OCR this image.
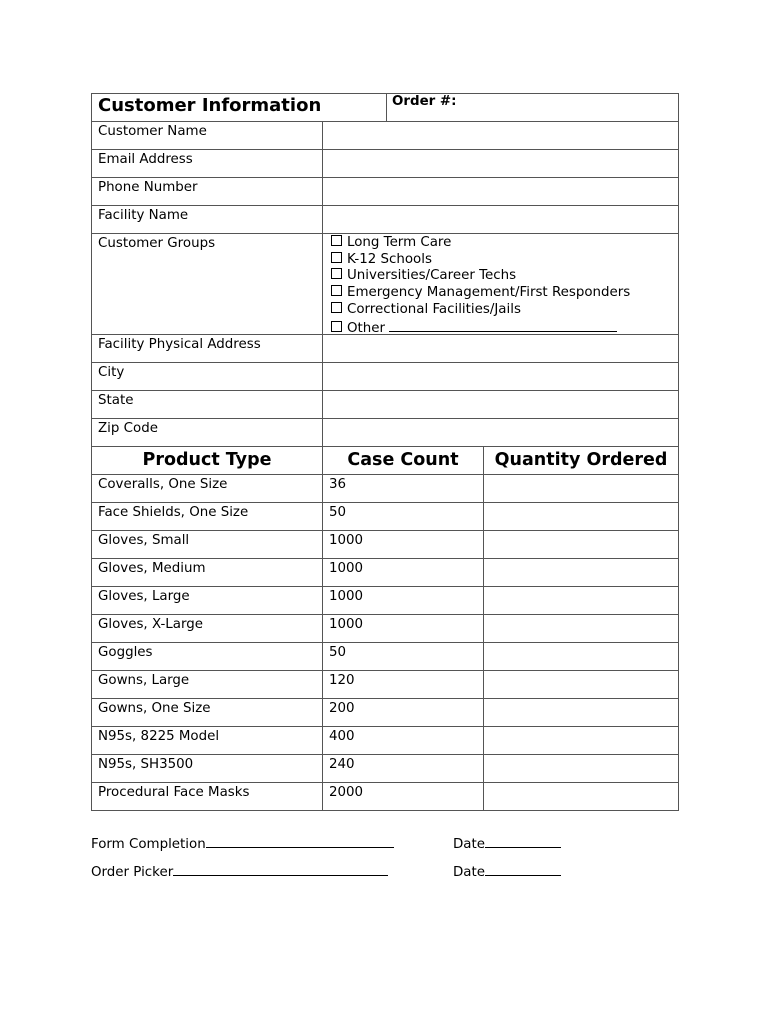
Customer Information	Order #:
Customer Name
Email Address
Phone Number
Facility Name
Customer Groups	Long Term Care
K-12 Schools
Universities/Career Techs
Emergency Management/First Responders
Correctional Facilities/Jails
Other
Facility Physical Address
City
State
Zip Code
Product Type	Case Count	Quantity Ordered
Coveralls, One Size	36
Face Shields, One Size	50
Gloves, Small	1000
Gloves, Medium	1000
Gloves, Large	1000
Gloves, X-Large	1000
Goggles	50
Gowns, Large	120
Gowns, One Size	200
N95s, 8225 Model	400
N95s, SH3500	240
Procedural Face Masks	2000
Form Completion	Date
Order Picker	Date
